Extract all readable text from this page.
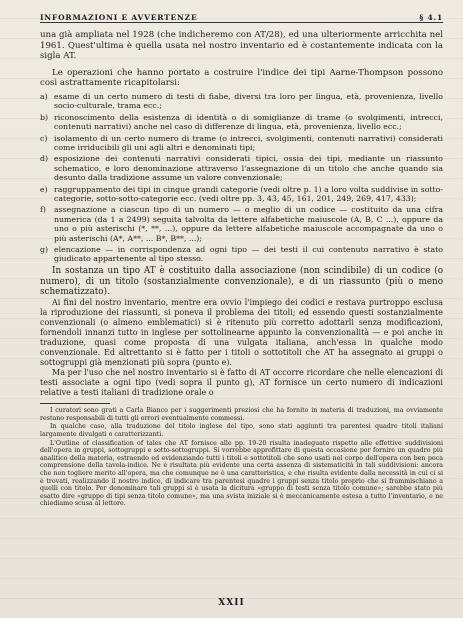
INFORMAZIONI E AVVERTENZE	§ 4.1

una già ampliata nel 1928 (che indicheremo con AT/28), ed una ulteriormente arricchita nel 1961. Quest'ultima è quella usata nel nostro inventario ed è costantemente indicata con la sigla AT.

Le operazioni che hanno portato a costruire l'indice dei tipi Aarne-Thompson possono così astrattamente ricapitolarsi:

a) esame di un certo numero di testi di fiabe, diversi tra loro per lingua, età, provenienza, livello socio-culturale, trama ecc.;
b) riconoscimento della esistenza di identità o di somiglianze di trame (o svolgimenti, intrecci, contenuti narrativi) anche nel caso di differenze di lingua, età, provenienza, livello ecc.;
c) isolamento di un certo numero di trame (o intrecci, svolgimenti, contenuti narrativi) considerati come irriducibili gli uni agli altri e denominati tipi;
d) esposizione dei contenuti narrativi considerati tipici, ossia dei tipi, mediante un riassunto schematico, e loro denominazione attraverso l'assegnazione di un titolo che anche quando sia desunto dalla tradizione assume un valore convenzionale;
e) raggruppamento dei tipi in cinque grandi categorie (vedi oltre p. 1) a loro volta suddivise in sotto-categorie, sotto-sotto-categorie ecc. (vedi oltre pp. 3, 43, 45, 161, 201, 249, 269, 417, 433);
f) assegnazione a ciascun tipo di un numero — o meglio di un codice — costituito da una cifra numerica (da 1 a 2499) seguita talvolta da lettere alfabetiche maiuscole (A, B, C ...), oppure da uno o più asterischi (*, **, ...), oppure da lettere alfabetiche maiuscole accompagnate da uno o più asterischi (A*, A**, ... B*, B**, ...);
g) elencazione — in corrispondenza ad ogni tipo — dei testi il cui contenuto narrativo è stato giudicato appartenente al tipo stesso.

In sostanza un tipo AT è costituito dalla associazione (non scindibile) di un codice (o numero), di un titolo (sostanzialmente convenzionale), e di un riassunto (più o meno schematizzato).

Ai fini del nostro inventario, mentre era ovvio l'impiego dei codici e restava purtroppo esclusa la riproduzione dei riassunti, si poneva il problema dei titoli; ed essendo questi sostanzialmente convenzionali (o almeno emblematici) si è ritenuto più corretto adottarli senza modificazioni, fornendoli innanzi tutto in inglese per sottolinearne appunto la convenzionalità — e poi anche in traduzione, quasi come proposta di una vulgata italiana, anch'essa in qualche modo convenzionale. Ed altrettanto si è fatto per i titoli o sottotitoli che AT ha assegnato ai gruppi o sottogruppi già menzionati più sopra (punto e).

Ma per l'uso che nel nostro inventario si è fatto di AT occorre ricordare che nelle elencazioni di testi associate a ogni tipo (vedi sopra il punto g), AT fornisce un certo numero di indicazioni relative a testi italiani di tradizione orale o

I curatori sono grati a Carla Bianco per i suggerimenti preziosi che ha fornito in materia di traduzioni, ma ovviamente restano responsabili di tutti gli errori eventualmente commessi.

In qualche caso, alla traduzione del titolo inglese del tipo, sono stati aggiunti tra parentesi quadre titoli italiani largamente divulgati o caratterizzanti.

L'Outline of classification of tales che AT fornisce alle pp. 19-20 risulta inadeguato rispetto alle effettive suddivisioni dell'opera in gruppi, sottogruppi e sotto-sottogruppi. Si vorrebbe approfittare di questa occasione per fornire un quadro più analitico della materia, estraendo ed evidenziando tutti i titoli e sottotitoli che sono usati nel corpo dell'opera con ben poca comprensione della tavola-indice. Ne è risultata più evidente una certa assenza di sistematicità in tali suddivisioni: ancora che non togliere merito all'opera, ma che comunque ne è una caratteristica, e che risulta evidente dalla necessità in cui ci si è trovati, realizzando il nostro indice, di indicare tra parentesi quadre i gruppi senza titolo proprio che si frammischiano a quelli con titolo. Per denominare tali gruppi si è usata la dicitura «gruppo di testi senza titolo comune»; sarebbe stato più esatto dire «gruppo di tipi senza titolo comune», ma una svista iniziale si è meccanicamente estesa a tutto l'inventario, e ne chiediamo scusa al lettore.

XXII
